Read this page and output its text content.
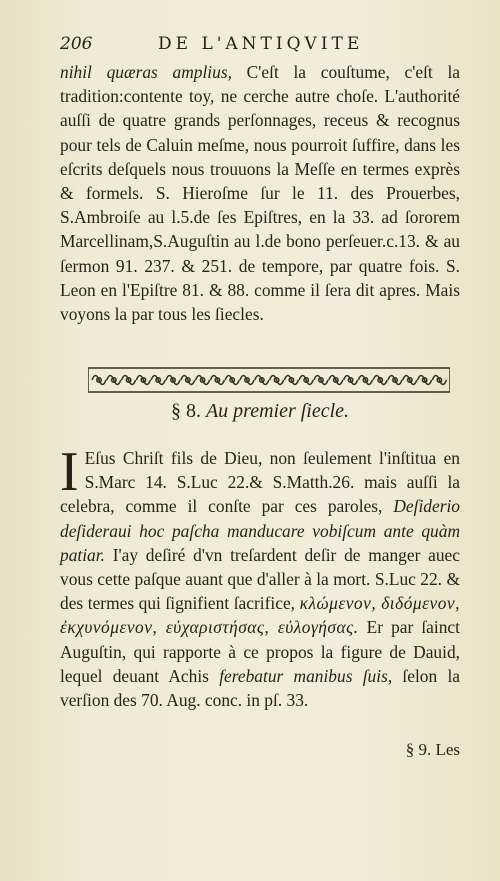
206	DE L'ANTIQVITE
nihil quæras amplius, C'eſt la couſtume, c'eſt la tradition:contente toy, ne cerche autre choſe. L'authorité auſſi de quatre grands perſonnages, receus & recognus pour tels de Caluin meſme, nous pourroit ſuffire, dans les eſcrits deſquels nous trouuons la Meſſe en termes exprès & formels. S. Hieroſme ſur le 11. des Prouerbes, S.Ambroiſe au l.5.de ſes Epiſtres, en la 33. ad ſororem Marcellinam,S.Auguſtin au l.de bono perſeuer.c.13. & au ſermon 91. 237. & 251. de tempore, par quatre fois. S. Leon en l'Epiſtre 81. & 88. comme il ſera dit apres. Mais voyons la par tous les ſiecles.
§ 8. Au premier ſiecle.
I Eſus Chriſt fils de Dieu, non ſeulement l'inſtitua en S.Marc 14. S.Luc 22.& S.Matth.26. mais auſſi la celebra, comme il conſte par ces paroles, Deſiderio deſideraui hoc paſcha manducare vobiſcum ante quàm patiar. I'ay deſiré d'vn treſardent deſir de manger auec vous cette paſque auant que d'aller à la mort. S.Luc 22. & des termes qui ſignifient ſacrifice, κλώμενον, διδόμενον, ἐκχυνόμενον, εὐχαριστήσας, εὐλογήσας. Er par ſainct Auguſtin, qui rapporte à ce propos la figure de Dauid, lequel deuant Achis ferebatur manibus ſuis, ſelon la verſion des 70. Aug. conc. in pſ. 33.
§ 9. Les
